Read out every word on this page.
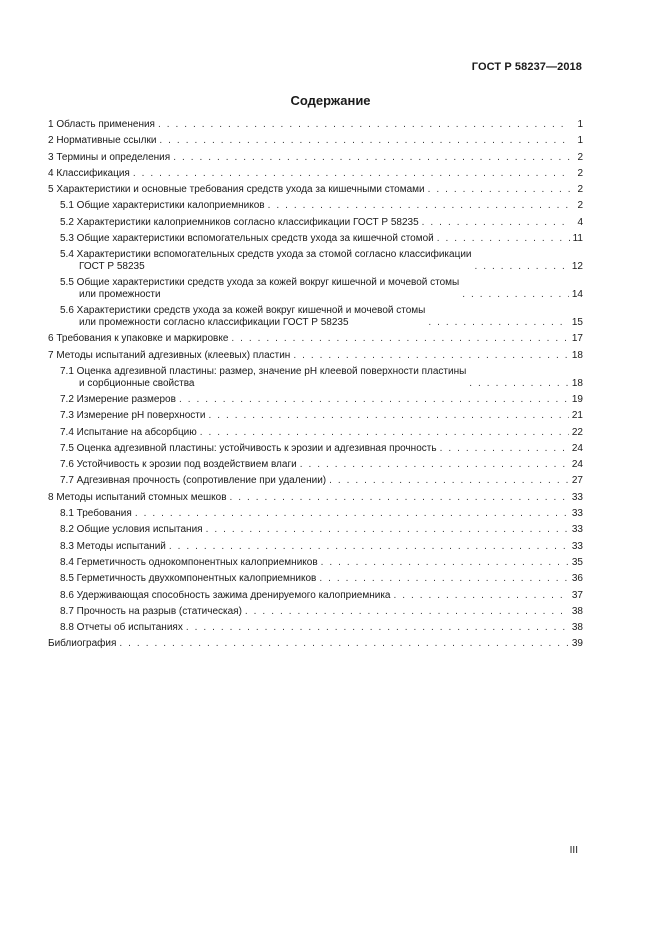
ГОСТ Р 58237—2018
Содержание
1 Область применения . . .	1
2 Нормативные ссылки . . .	1
3 Термины и определения . . .	2
4 Классификация . . .	2
5 Характеристики и основные требования средств ухода за кишечными стомами . . .	2
5.1 Общие характеристики калоприемников . . .	2
5.2 Характеристики калоприемников согласно классификации ГОСТ Р 58235 . . .	4
5.3 Общие характеристики вспомогательных средств ухода за кишечной стомой . . .	11
5.4 Характеристики вспомогательных средств ухода за стомой согласно классификации
ГОСТ Р 58235 . . .	12
5.5 Общие характеристики средств ухода за кожей вокруг кишечной и мочевой стомы
или промежности . . .	14
5.6 Характеристики средств ухода за кожей вокруг кишечной и мочевой стомы
или промежности согласно классификации ГОСТ Р 58235 . . .	15
6 Требования к упаковке и маркировке . . .	17
7 Методы испытаний адгезивных (клеевых) пластин . . .	18
7.1 Оценка адгезивной пластины: размер, значение рН клеевой поверхности пластины
и сорбционные свойства . . .	18
7.2 Измерение размеров . . .	19
7.3 Измерение рН поверхности . . .	21
7.4 Испытание на абсорбцию . . .	22
7.5 Оценка адгезивной пластины: устойчивость к эрозии и адгезивная прочность . . .	24
7.6 Устойчивость к эрозии под воздействием влаги . . .	24
7.7 Адгезивная прочность (сопротивление при удалении) . . .	27
8 Методы испытаний стомных мешков . . .	33
8.1 Требования . . .	33
8.2 Общие условия испытания . . .	33
8.3 Методы испытаний . . .	33
8.4 Герметичность однокомпонентных калоприемников . . .	35
8.5 Герметичность двухкомпонентных калоприемников . . .	36
8.6 Удерживающая способность зажима дренируемого калоприемника . . .	37
8.7 Прочность на разрыв (статическая) . . .	38
8.8 Отчеты об испытаниях . . .	38
Библиография . . .	39
III
